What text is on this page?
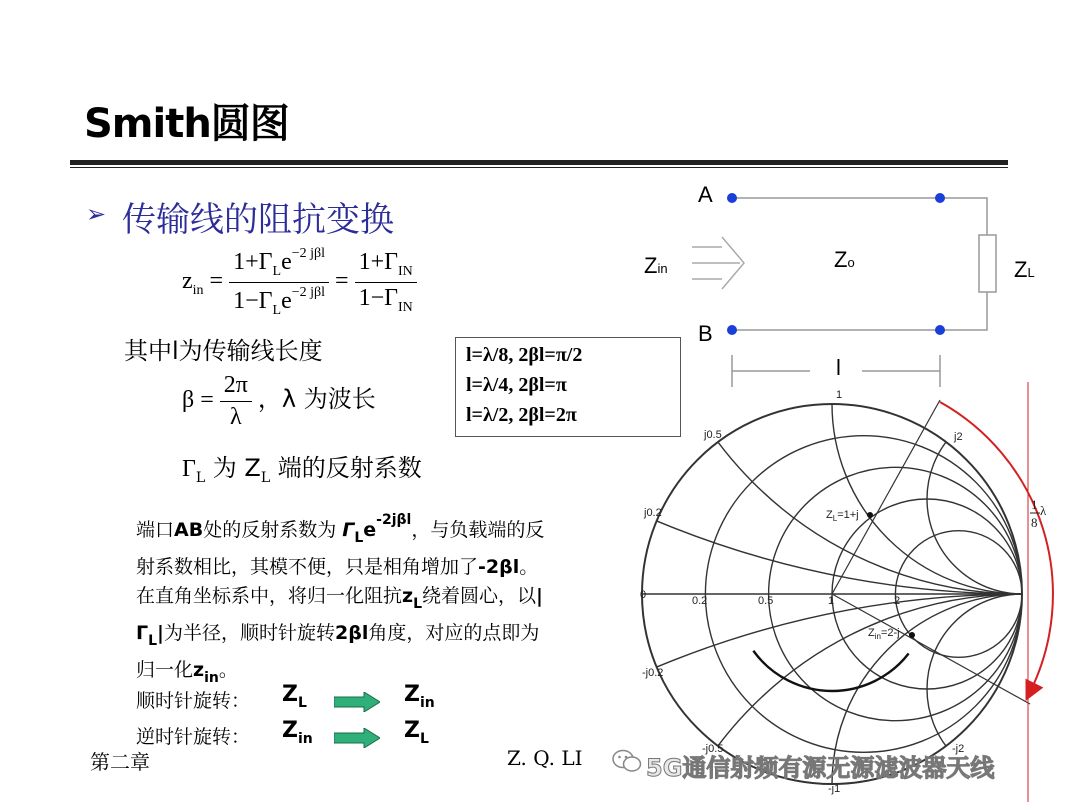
Smith圆图
➢ 传输线的阻抗变换
$z_{in} = \frac{1+\Gamma_Le^{-2 j\beta l}}{1-\Gamma_Le^{-2 j\beta l}} = \frac{1+\Gamma_{IN}}{1-\Gamma_{IN}}$
其中l为传输线长度
$\beta = \frac{2\pi}{\lambda}$ ，λ 为波长
$\Gamma_L$ 为 $Z_L$ 端的反射系数
l=λ/8, 2βl=π/2
l=λ/4, 2βl=π
l=λ/2, 2βl=2π
端口AB处的反射系数为 $\Gamma_Le^{-2j\beta l}$，与负载端的反射系数相比，其模不便，只是相角增加了-2βl。在直角坐标系中，将归一化阻抗$z_L$绕着圆心，以$|\Gamma_L|$为半径，顺时针旋转2βl角度，对应的点即为归一化$z_{in}$。
顺时针旋转： $Z_L$	$Z_{in}$
逆时针旋转： $Z_{in}$	$Z_L$
A
B
Zin	Zo	ZL
l
1
-j1
j0.5
j0.2
-j0.2
-j0.5
0	0.2	0.5	1	2
j2
-j2
$Z_L=1+j$
$Z_{in}=2-j$
1
8
λ
第二章	Z. Q. LI	5G通信射频有源无源滤波器天线
